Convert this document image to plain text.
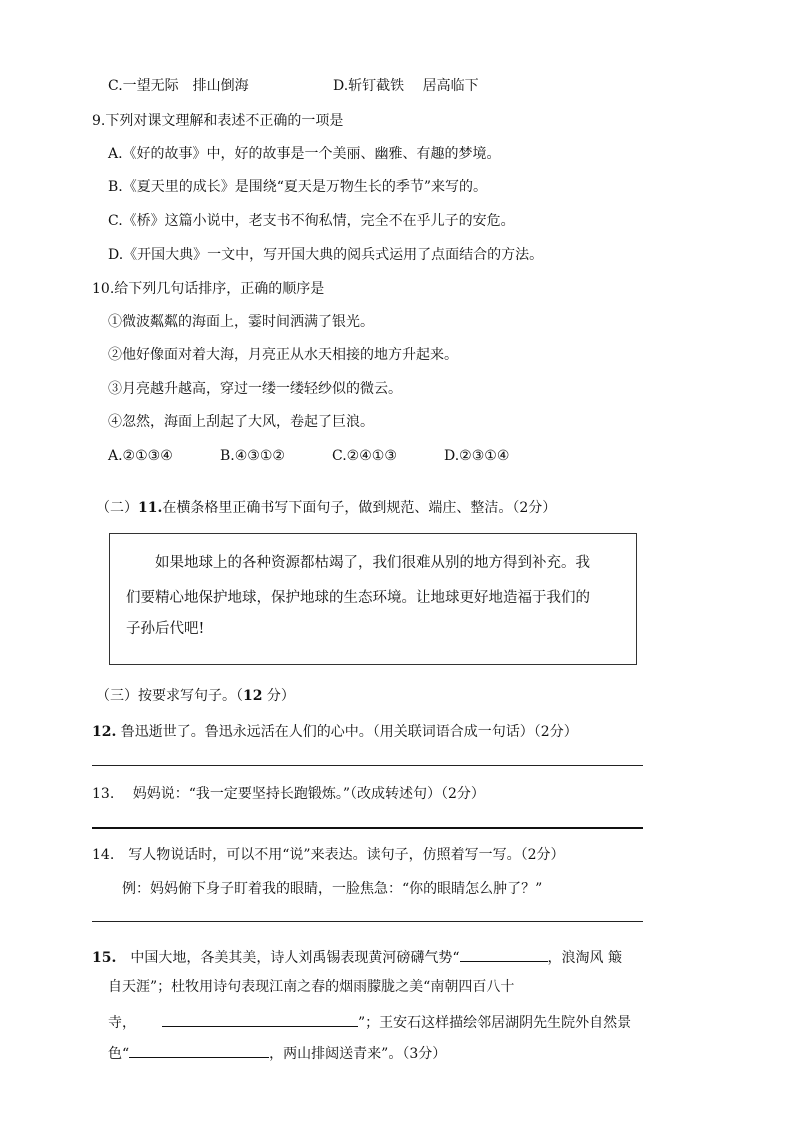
C.一望无际　排山倒海	D.斩钉截铁　 居高临下
9.下列对课文理解和表述不正确的一项是
A.《好的故事》中，好的故事是一个美丽、幽雅、有趣的梦境。
B.《夏天里的成长》是围绕“夏天是万物生长的季节”来写的。
C.《桥》这篇小说中，老支书不徇私情，完全不在乎儿子的安危。
D.《开国大典》一文中，写开国大典的阅兵式运用了点面结合的方法。
10.给下列几句话排序，正确的顺序是
①微波粼粼的海面上，霎时间洒满了银光。
②他好像面对着大海，月亮正从水天相接的地方升起来。
③月亮越升越高，穿过一缕一缕轻纱似的微云。
④忽然，海面上刮起了大风，卷起了巨浪。
A.②①③④	B.④③①②	C.②④①③	D.②③①④
（二）11.在横条格里正确书写下面句子，做到规范、端庄、整洁。（2分）
　　如果地球上的各种资源都枯竭了，我们很难从别的地方得到补充。我
们要精心地保护地球，保护地球的生态环境。让地球更好地造福于我们的
子孙后代吧!
（三）按要求写句子。（12 分）
12. 鲁迅逝世了。鲁迅永远活在人们的心中。（用关联词语合成一句话）（2分）
13.　 妈妈说：“我一定要坚持长跑锻炼。”（改成转述句）（2分）
14.　写人物说话时，可以不用“说”来表达。读句子，仿照着写一写。（2分）
例：妈妈俯下身子盯着我的眼睛，一脸焦急：“你的眼睛怎么肿了？”
15.　中国大地，各美其美，诗人刘禹锡表现黄河磅礴气势“	，浪淘风 簸
自天涯”；杜牧用诗句表现江南之春的烟雨朦胧之美“南朝四百八十
寺，	”；王安石这样描绘邻居湖阴先生院外自然景
色“	，两山排闼送青来”。（3分）
